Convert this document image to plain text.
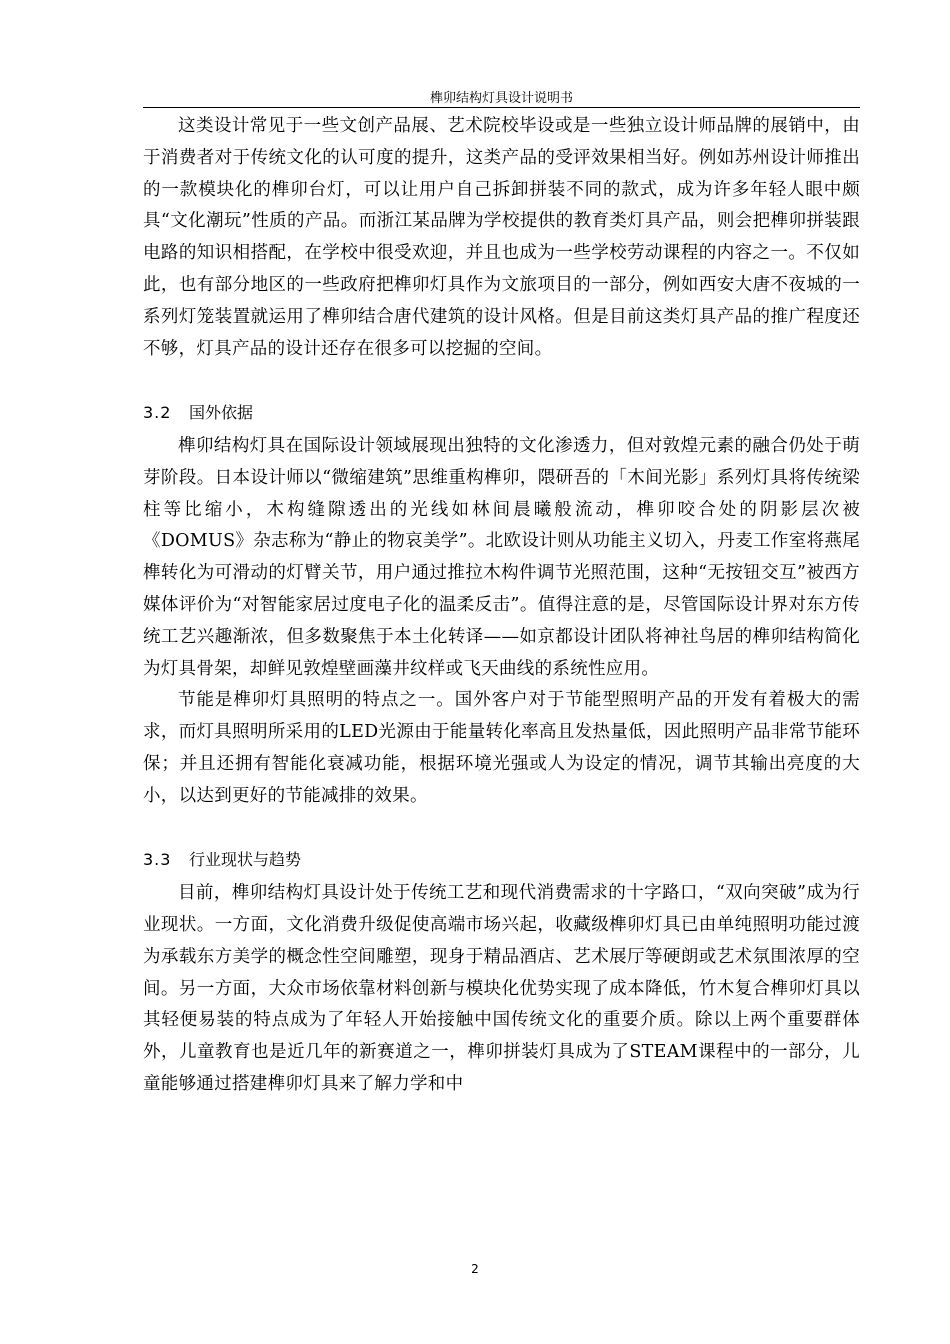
榫卯结构灯具设计说明书

这类设计常见于一些文创产品展、艺术院校毕设或是一些独立设计师品牌的展销中，由于消费者对于传统文化的认可度的提升，这类产品的受评效果相当好。例如苏州设计师推出的一款模块化的榫卯台灯，可以让用户自己拆卸拼装不同的款式，成为许多年轻人眼中颇具“文化潮玩”性质的产品。而浙江某品牌为学校提供的教育类灯具产品，则会把榫卯拼装跟电路的知识相搭配，在学校中很受欢迎，并且也成为一些学校劳动课程的内容之一。不仅如此，也有部分地区的一些政府把榫卯灯具作为文旅项目的一部分，例如西安大唐不夜城的一系列灯笼装置就运用了榫卯结合唐代建筑的设计风格。但是目前这类灯具产品的推广程度还不够，灯具产品的设计还存在很多可以挖掘的空间。

3.2 国外依据

榫卯结构灯具在国际设计领域展现出独特的文化渗透力，但对敦煌元素的融合仍处于萌芽阶段。日本设计师以“微缩建筑”思维重构榫卯，隈研吾的「木间光影」系列灯具将传统梁柱等比缩小，木构缝隙透出的光线如林间晨曦般流动，榫卯咬合处的阴影层次被《DOMUS》杂志称为“静止的物哀美学”。北欧设计则从功能主义切入，丹麦工作室将燕尾榫转化为可滑动的灯臂关节，用户通过推拉木构件调节光照范围，这种“无按钮交互”被西方媒体评价为“对智能家居过度电子化的温柔反击”。值得注意的是，尽管国际设计界对东方传统工艺兴趣渐浓，但多数聚焦于本土化转译——如京都设计团队将神社鸟居的榫卯结构简化为灯具骨架，却鲜见敦煌壁画藻井纹样或飞天曲线的系统性应用。

节能是榫卯灯具照明的特点之一。国外客户对于节能型照明产品的开发有着极大的需求，而灯具照明所采用的LED光源由于能量转化率高且发热量低，因此照明产品非常节能环保；并且还拥有智能化衰减功能，根据环境光强或人为设定的情况，调节其输出亮度的大小，以达到更好的节能减排的效果。

3.3 行业现状与趋势

目前，榫卯结构灯具设计处于传统工艺和现代消费需求的十字路口，“双向突破”成为行业现状。一方面，文化消费升级促使高端市场兴起，收藏级榫卯灯具已由单纯照明功能过渡为承载东方美学的概念性空间雕塑，现身于精品酒店、艺术展厅等硬朗或艺术氛围浓厚的空间。另一方面，大众市场依靠材料创新与模块化优势实现了成本降低，竹木复合榫卯灯具以其轻便易装的特点成为了年轻人开始接触中国传统文化的重要介质。除以上两个重要群体外，儿童教育也是近几年的新赛道之一，榫卯拼装灯具成为了STEAM课程中的一部分，儿童能够通过搭建榫卯灯具来了解力学和中

2
